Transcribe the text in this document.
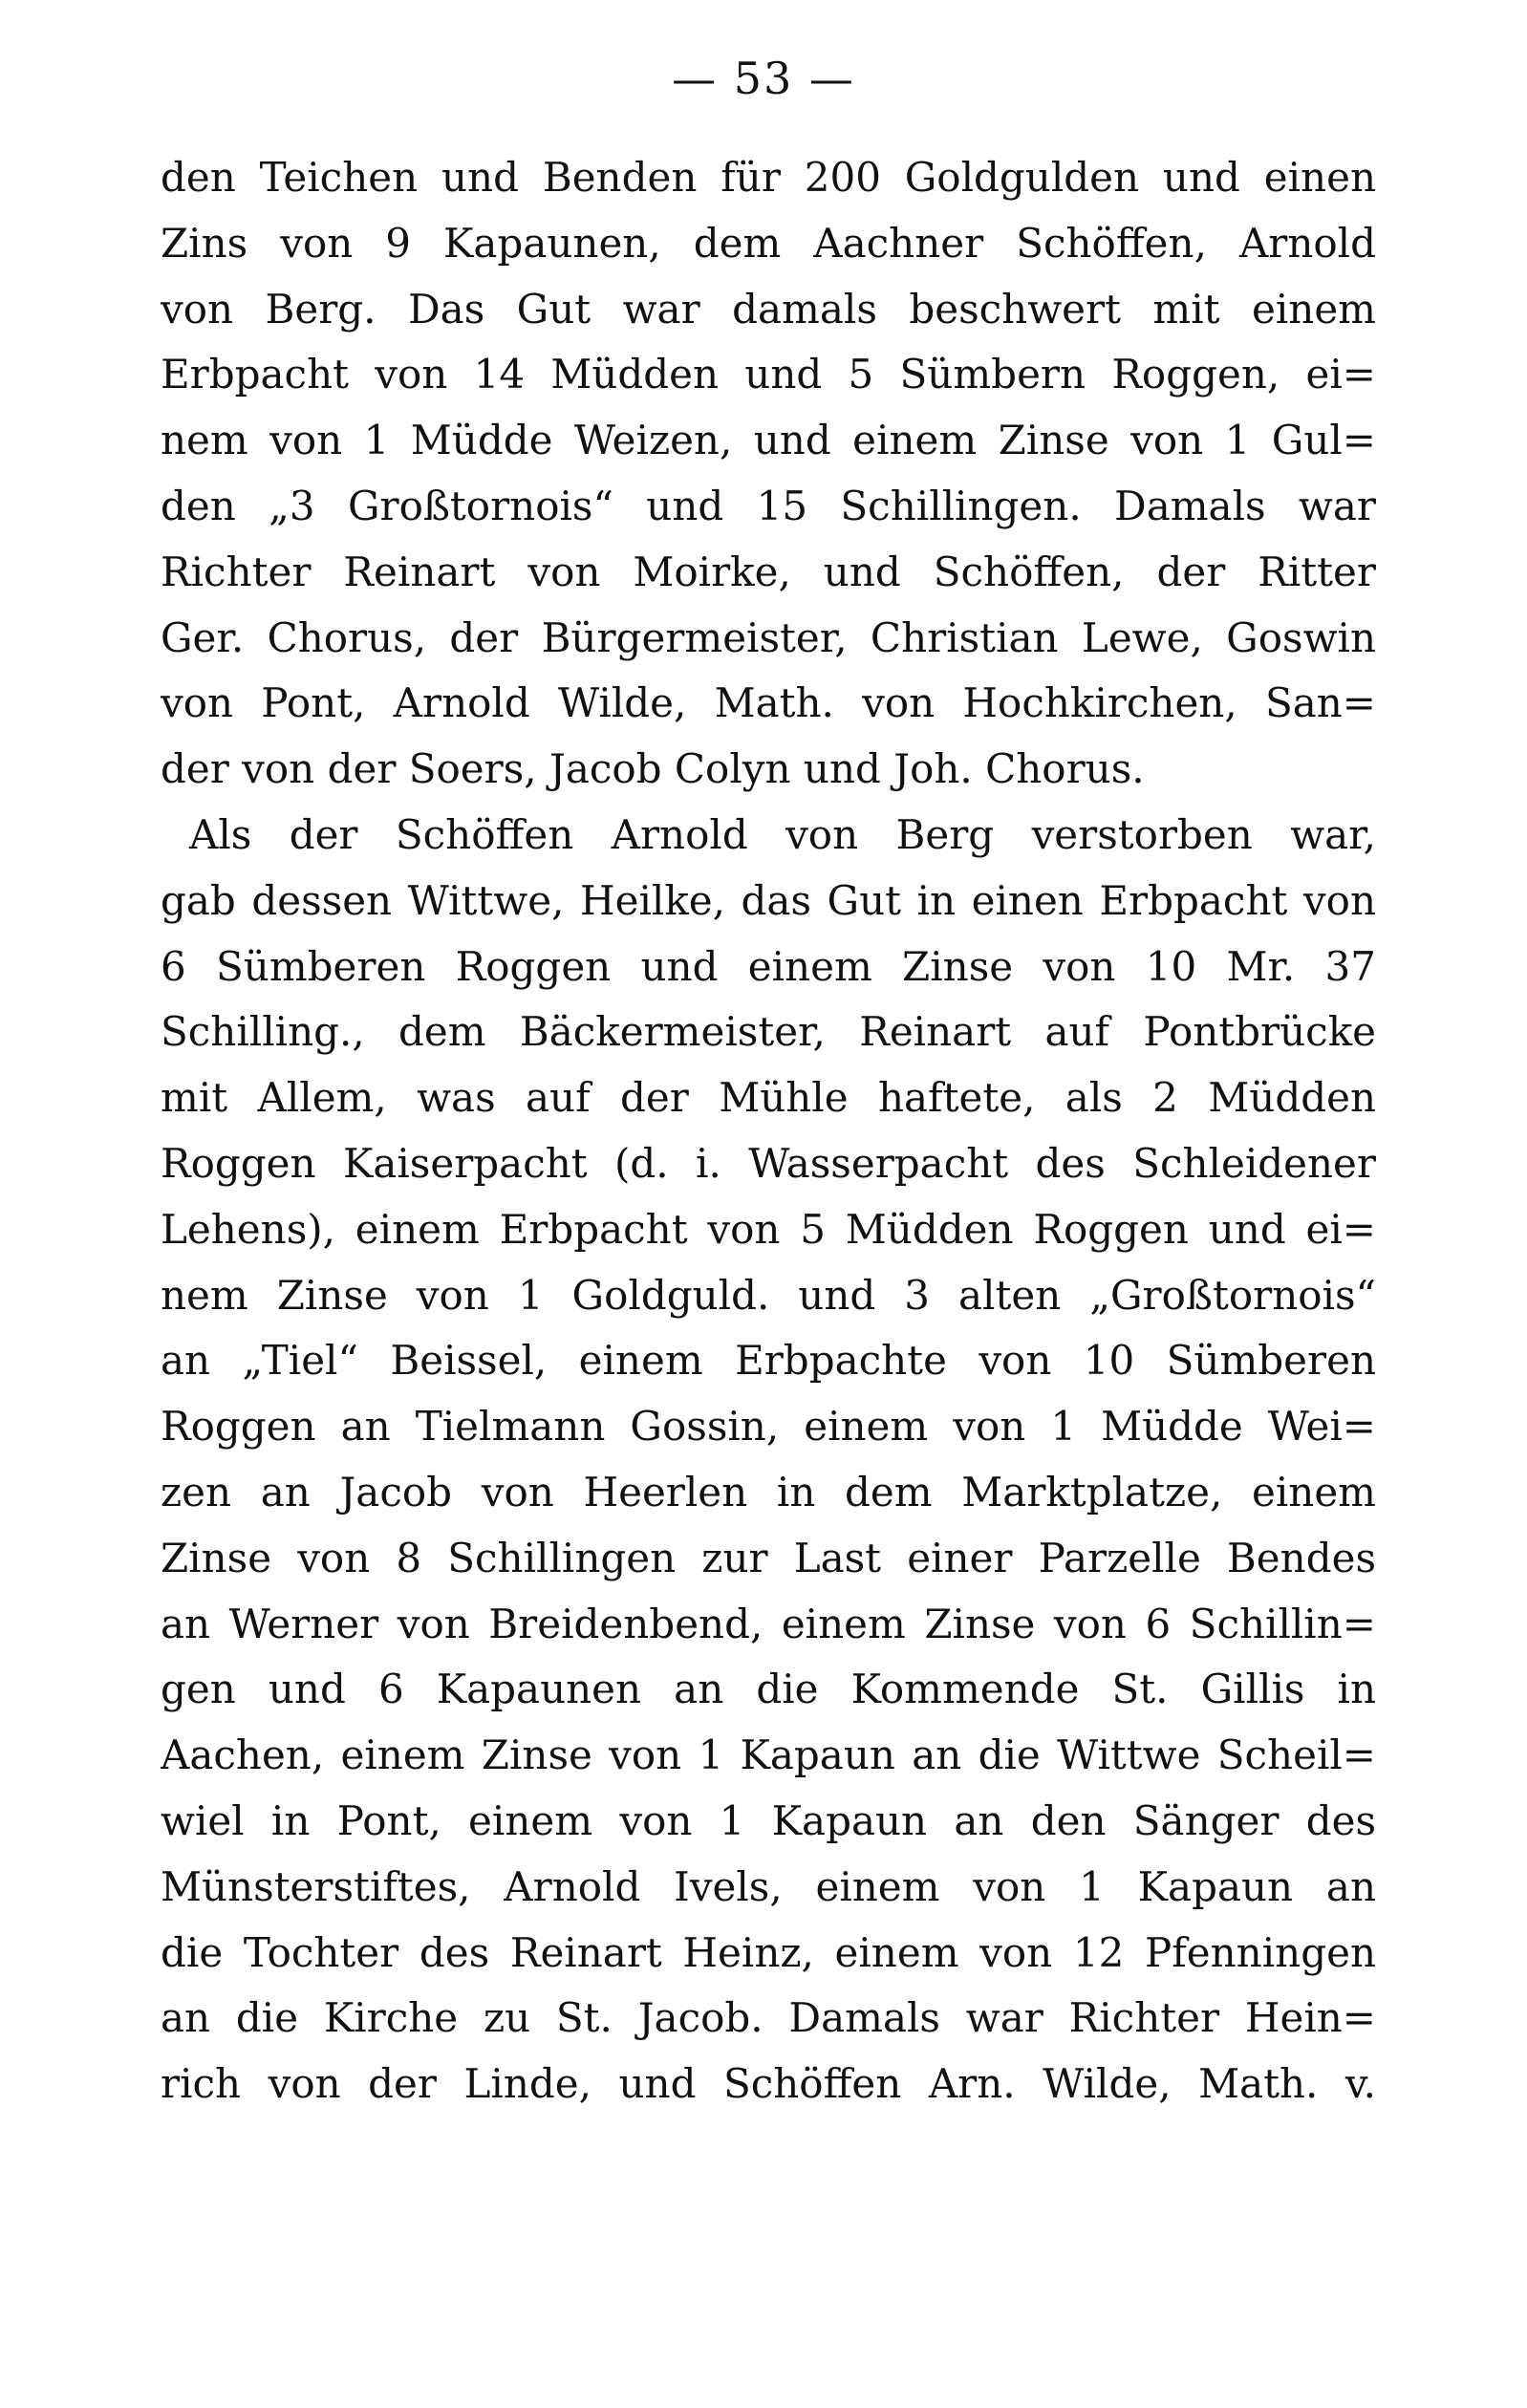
— 53 —
den Teichen und Benden für 200 Goldgulden und einen
Zins von 9 Kapaunen, dem Aachner Schöffen, Arnold
von Berg. Das Gut war damals beschwert mit einem
Erbpacht von 14 Müdden und 5 Sümbern Roggen, ei=
nem von 1 Müdde Weizen, und einem Zinse von 1 Gul=
den „3 Großtornois“ und 15 Schillingen. Damals war
Richter Reinart von Moirke, und Schöffen, der Ritter
Ger. Chorus, der Bürgermeister, Christian Lewe, Goswin
von Pont, Arnold Wilde, Math. von Hochkirchen, San=
der von der Soers, Jacob Colyn und Joh. Chorus.
Als der Schöffen Arnold von Berg verstorben war,
gab dessen Wittwe, Heilke, das Gut in einen Erbpacht von
6 Sümberen Roggen und einem Zinse von 10 Mr. 37
Schilling., dem Bäckermeister, Reinart auf Pontbrücke
mit Allem, was auf der Mühle haftete, als 2 Müdden
Roggen Kaiserpacht (d. i. Wasserpacht des Schleidener
Lehens), einem Erbpacht von 5 Müdden Roggen und ei=
nem Zinse von 1 Goldguld. und 3 alten „Großtornois“
an „Tiel“ Beissel, einem Erbpachte von 10 Sümberen
Roggen an Tielmann Gossin, einem von 1 Müdde Wei=
zen an Jacob von Heerlen in dem Marktplatze, einem
Zinse von 8 Schillingen zur Last einer Parzelle Bendes
an Werner von Breidenbend, einem Zinse von 6 Schillin=
gen und 6 Kapaunen an die Kommende St. Gillis in
Aachen, einem Zinse von 1 Kapaun an die Wittwe Scheil=
wiel in Pont, einem von 1 Kapaun an den Sänger des
Münsterstiftes, Arnold Ivels, einem von 1 Kapaun an
die Tochter des Reinart Heinz, einem von 12 Pfenningen
an die Kirche zu St. Jacob. Damals war Richter Hein=
rich von der Linde, und Schöffen Arn. Wilde, Math. v.
